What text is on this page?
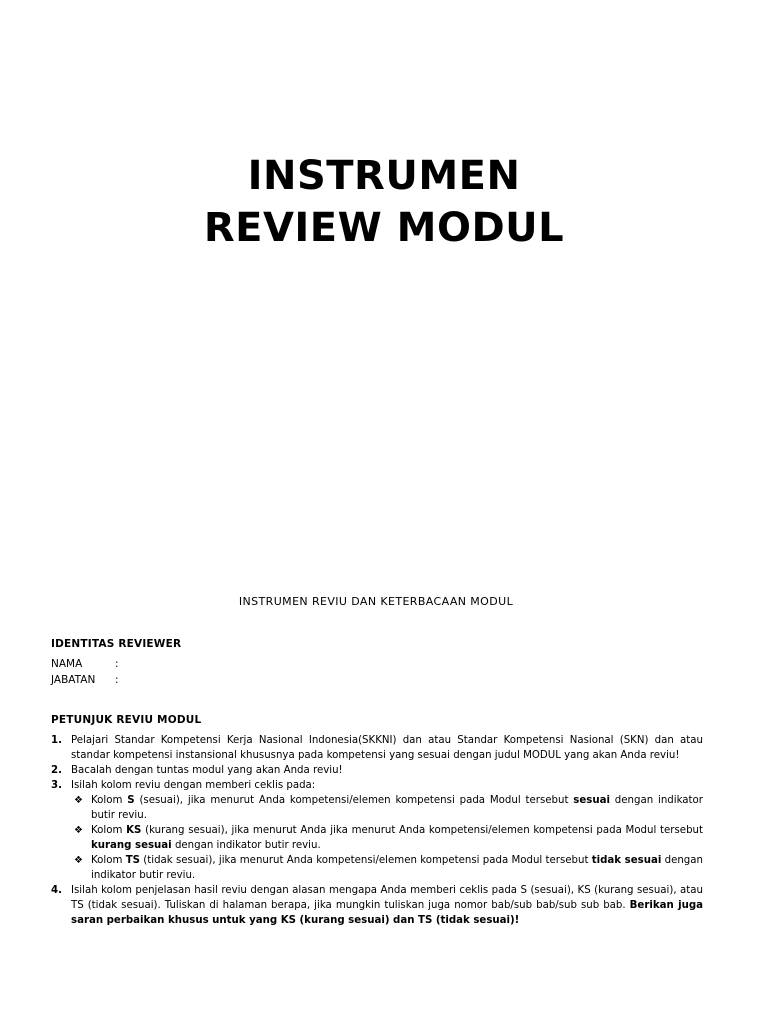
INSTRUMEN
REVIEW MODUL
INSTRUMEN REVIU DAN KETERBACAAN MODUL
IDENTITAS REVIEWER
NAMA	:
JABATAN :
PETUNJUK REVIU MODUL
1. Pelajari Standar Kompetensi Kerja Nasional Indonesia(SKKNI) dan atau Standar Kompetensi Nasional (SKN) dan atau standar kompetensi instansional khususnya pada kompetensi yang sesuai dengan judul MODUL yang akan Anda reviu!
2. Bacalah dengan tuntas modul yang akan Anda reviu!
3. Isilah kolom reviu dengan memberi ceklis pada:
❖ Kolom S (sesuai), jika menurut Anda kompetensi/elemen kompetensi pada Modul tersebut sesuai dengan indikator butir reviu.
❖ Kolom KS (kurang sesuai), jika menurut Anda jika menurut Anda kompetensi/elemen kompetensi pada Modul tersebut kurang sesuai dengan indikator butir reviu.
❖ Kolom TS (tidak sesuai), jika menurut Anda kompetensi/elemen kompetensi pada Modul tersebut tidak sesuai dengan indikator butir reviu.
4. Isilah kolom penjelasan hasil reviu dengan alasan mengapa Anda memberi ceklis pada S (sesuai), KS (kurang sesuai), atau TS (tidak sesuai). Tuliskan di halaman berapa, jika mungkin tuliskan juga nomor bab/sub bab/sub sub bab. Berikan juga saran perbaikan khusus untuk yang KS (kurang sesuai) dan TS (tidak sesuai)!
